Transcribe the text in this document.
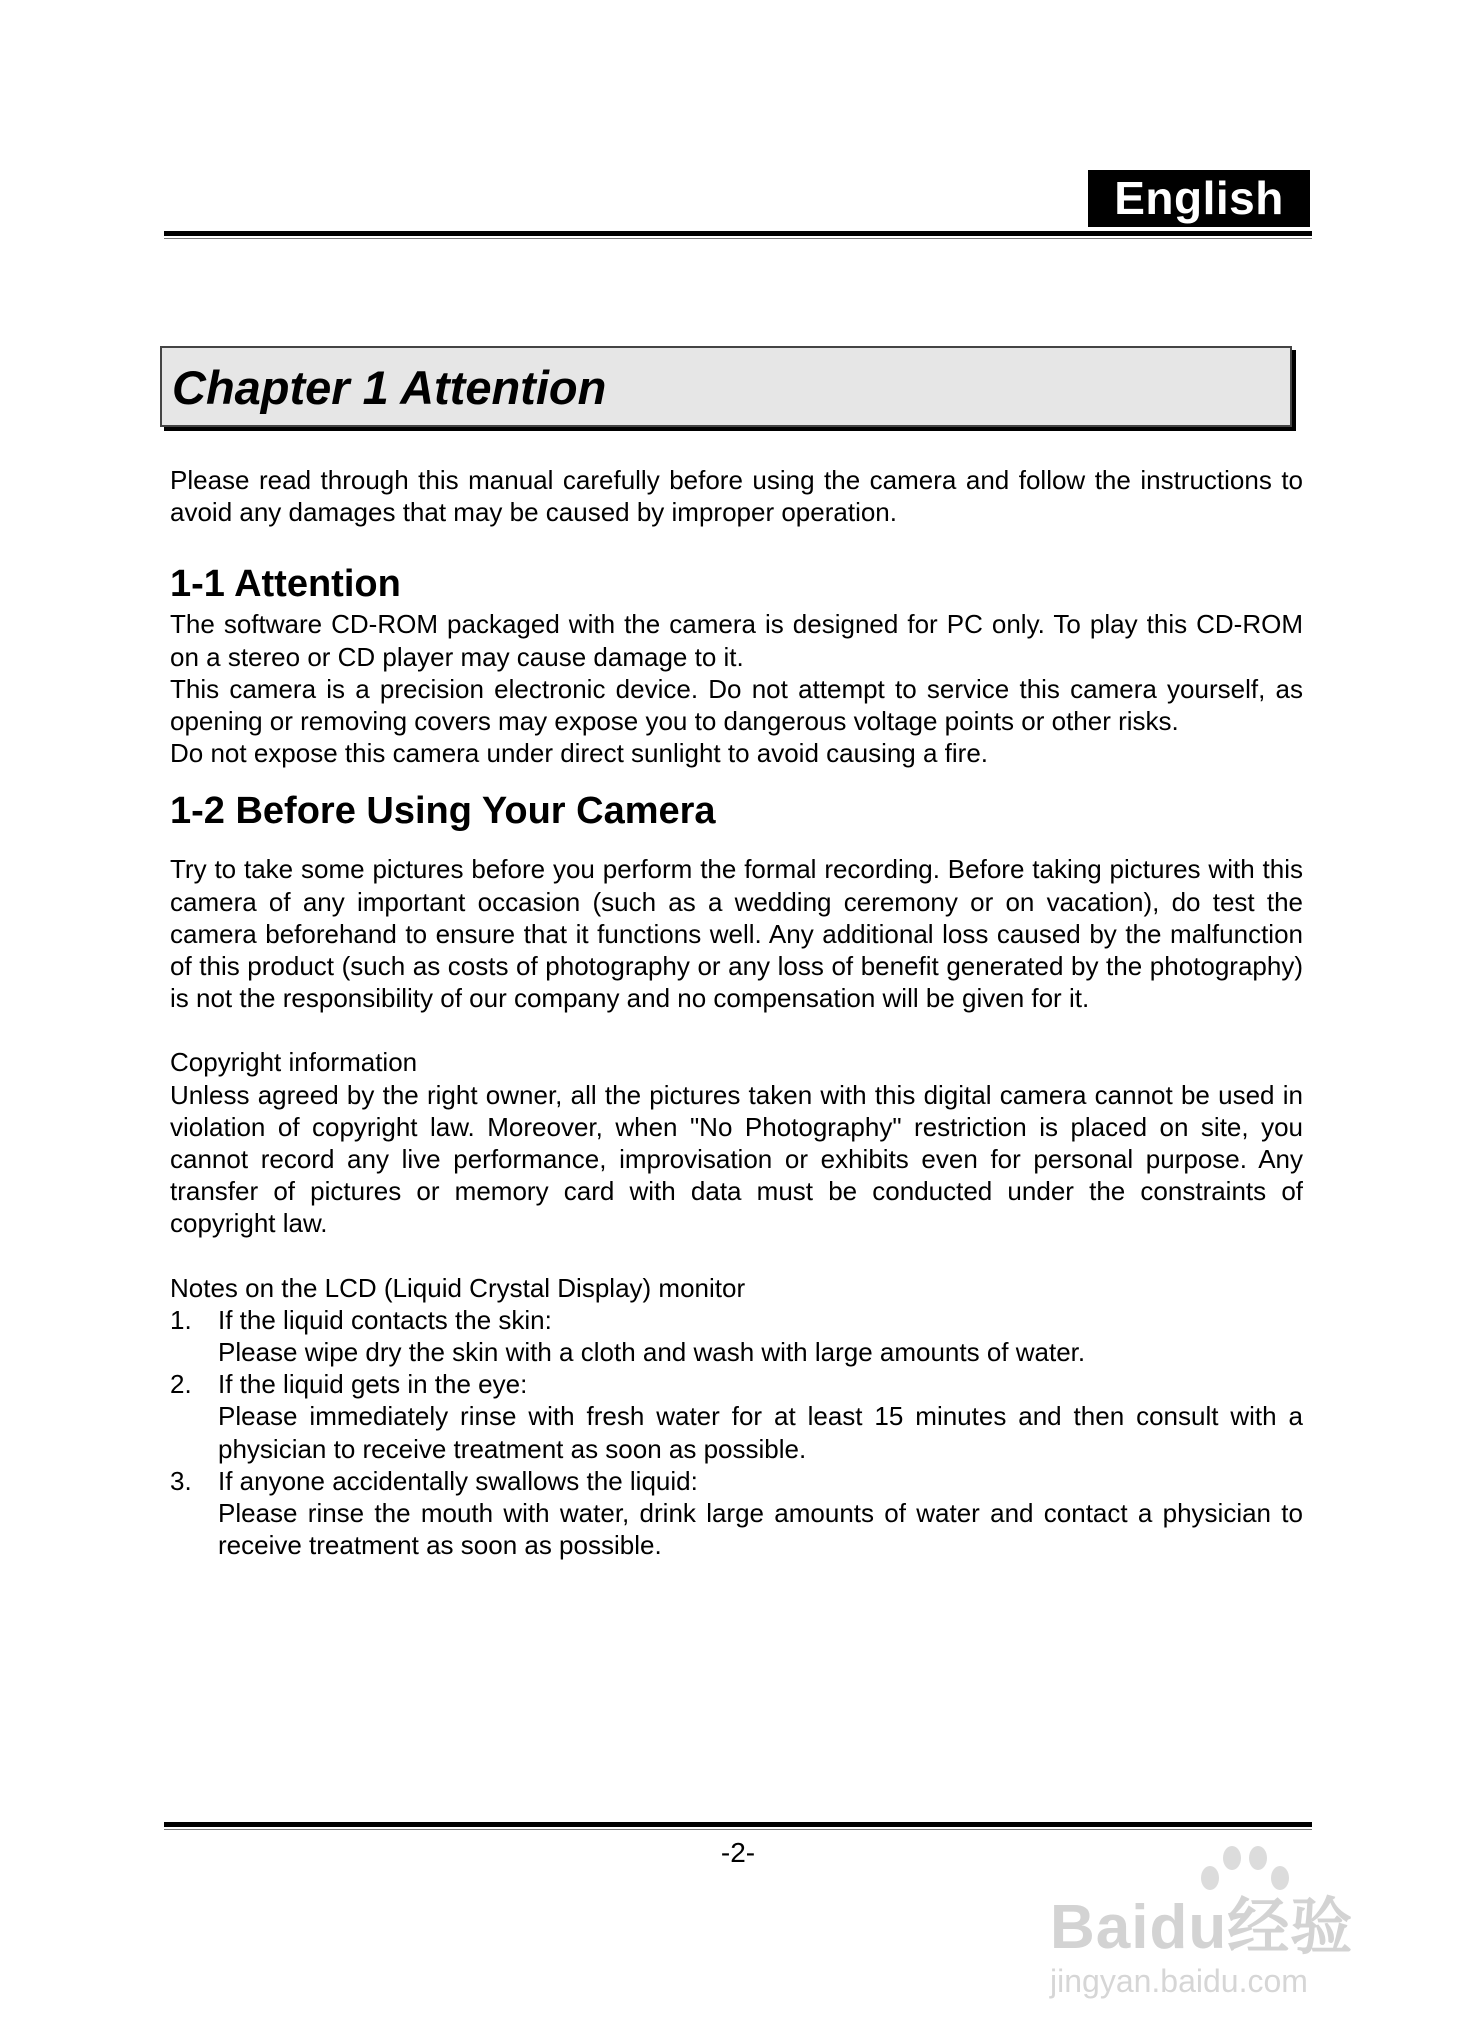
English
Chapter 1 Attention

Please read through this manual carefully before using the camera and follow the instructions to avoid any damages that may be caused by improper operation.

1-1 Attention

The software CD-ROM packaged with the camera is designed for PC only. To play this CD-ROM on a stereo or CD player may cause damage to it.

This camera is a precision electronic device. Do not attempt to service this camera yourself, as opening or removing covers may expose you to dangerous voltage points or other risks.

Do not expose this camera under direct sunlight to avoid causing a fire.

1-2 Before Using Your Camera

Try to take some pictures before you perform the formal recording. Before taking pictures with this camera of any important occasion (such as a wedding ceremony or on vacation), do test the camera beforehand to ensure that it functions well. Any additional loss caused by the malfunction of this product (such as costs of photography or any loss of benefit generated by the photography) is not the responsibility of our company and no compensation will be given for it.

Copyright information

Unless agreed by the right owner, all the pictures taken with this digital camera cannot be used in violation of copyright law. Moreover, when "No Photography" restriction is placed on site, you cannot record any live performance, improvisation or exhibits even for personal purpose. Any transfer of pictures or memory card with data must be conducted under the constraints of copyright law.

Notes on the LCD (Liquid Crystal Display) monitor

1. If the liquid contacts the skin:
Please wipe dry the skin with a cloth and wash with large amounts of water.
2. If the liquid gets in the eye:
Please immediately rinse with fresh water for at least 15 minutes and then consult with a physician to receive treatment as soon as possible.
3. If anyone accidentally swallows the liquid:
Please rinse the mouth with water, drink large amounts of water and contact a physician to receive treatment as soon as possible.
-2-
Baidu经验
jingyan.baidu.com
